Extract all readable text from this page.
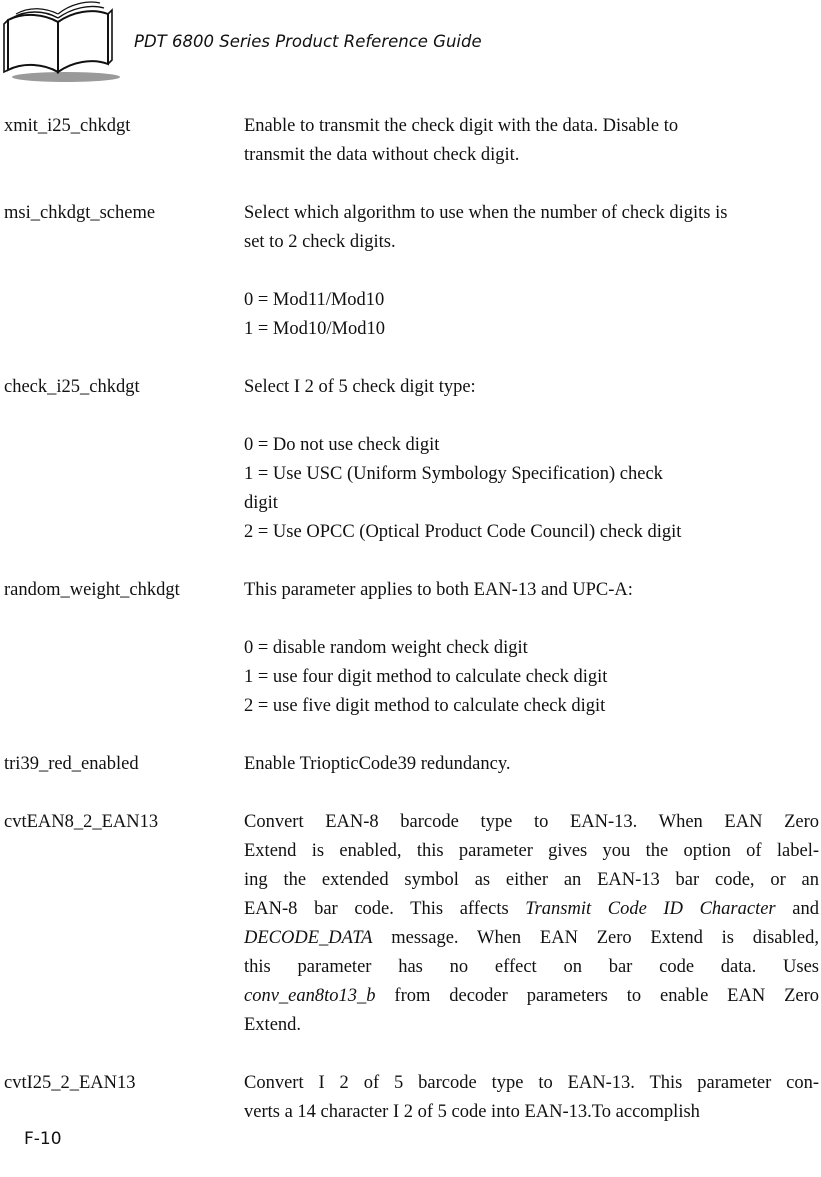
PDT 6800 Series Product Reference Guide
xmit_i25_chkdgt	Enable to transmit the check digit with the data. Disable to
transmit the data without check digit.

msi_chkdgt_scheme	Select which algorithm to use when the number of check digits is
set to 2 check digits.

0 = Mod11/Mod10
1 = Mod10/Mod10

check_i25_chkdgt	Select I 2 of 5 check digit type:

0 = Do not use check digit
1 = Use USC (Uniform Symbology Specification) check
digit
2 = Use OPCC (Optical Product Code Council) check digit

random_weight_chkdgt	This parameter applies to both EAN-13 and UPC-A:

0 = disable random weight check digit
1 = use four digit method to calculate check digit
2 = use five digit method to calculate check digit

tri39_red_enabled	Enable TriopticCode39 redundancy.

cvtEAN8_2_EAN13	Convert EAN-8 barcode type to EAN-13. When EAN Zero
Extend is enabled, this parameter gives you the option of label-
ing the extended symbol as either an EAN-13 bar code, or an
EAN-8 bar code. This affects Transmit Code ID Character and
DECODE_DATA message. When EAN Zero Extend is disabled,
this parameter has no effect on bar code data. Uses
conv_ean8to13_b from decoder parameters to enable EAN Zero
Extend.

cvtI25_2_EAN13	Convert I 2 of 5 barcode type to EAN-13. This parameter con-
verts a 14 character I 2 of 5 code into EAN-13.To accomplish

F-10
